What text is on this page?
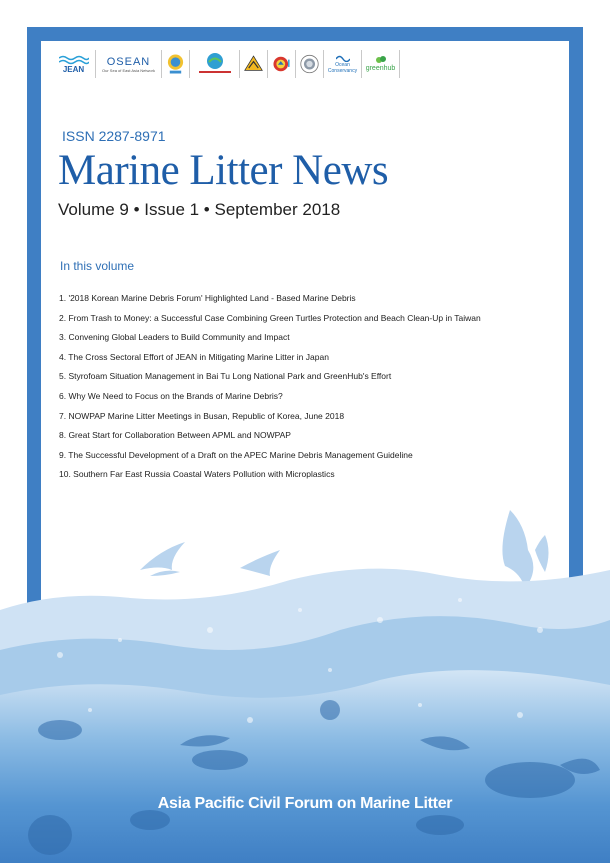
JEAN
OSEAN
Our Sea of East Asia Network
Ocean Conservancy greenhub
ISSN 2287-8971
Marine Litter News
Volume 9 • Issue 1 • September 2018
In this volume
1. '2018 Korean Marine Debris Forum' Highlighted Land - Based Marine Debris
2. From Trash to Money: a Successful Case Combining Green Turtles Protection and Beach Clean-Up in Taiwan
3. Convening Global Leaders to Build Community and Impact
4. The Cross Sectoral Effort of JEAN in Mitigating Marine Litter in Japan
5. Styrofoam Situation Management in Bai Tu Long National Park and GreenHub's Effort
6. Why We Need to Focus on the Brands of Marine Debris?
7. NOWPAP Marine Litter Meetings in Busan, Republic of Korea, June 2018
8. Great Start for Collaboration Between APML and NOWPAP
9. The Successful Development of a Draft on the APEC Marine Debris Management Guideline
10. Southern Far East Russia Coastal Waters Pollution with Microplastics
Asia Pacific Civil Forum on Marine Litter
